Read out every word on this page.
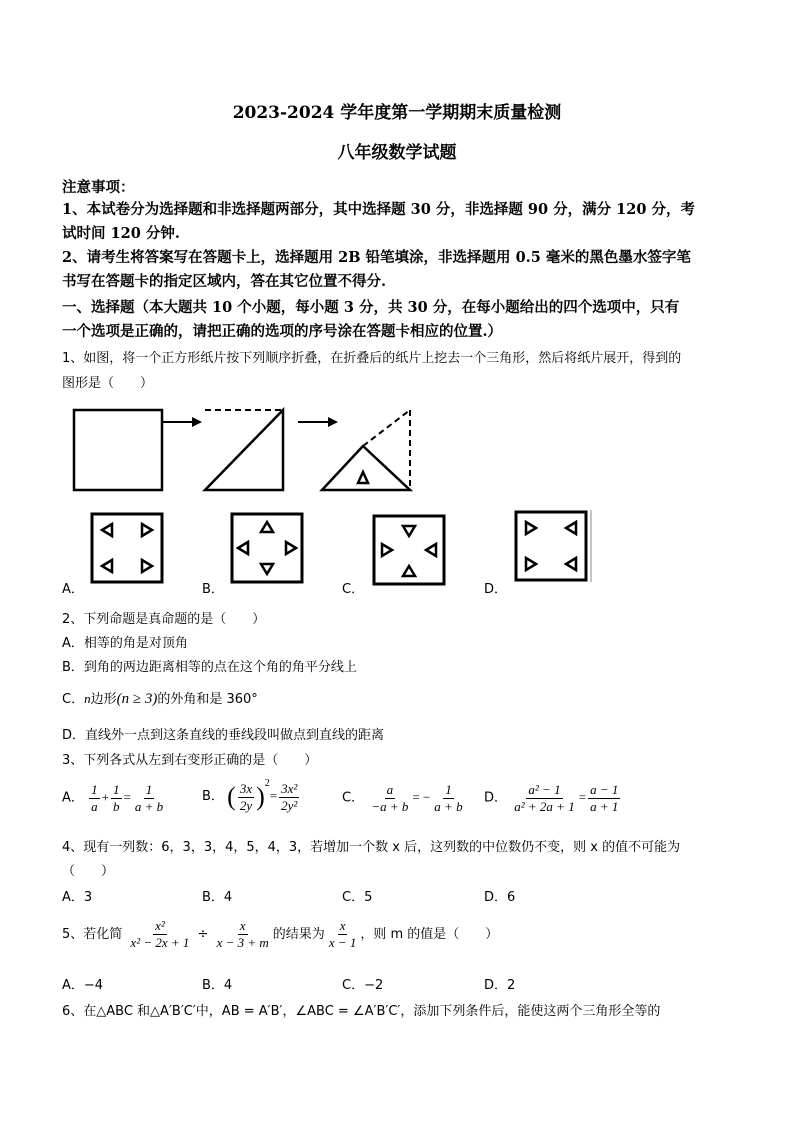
2023-2024 学年度第一学期期末质量检测
八年级数学试题
注意事项：
1、本试卷分为选择题和非选择题两部分，其中选择题 30 分，非选择题 90 分，满分 120 分，考
试时间 120 分钟.
2、请考生将答案写在答题卡上，选择题用 2B 铅笔填涂，非选择题用 0.5 毫米的黑色墨水签字笔
书写在答题卡的指定区域内，答在其它位置不得分.
一、选择题（本大题共 10 个小题，每小题 3 分，共 30 分，在每小题给出的四个选项中，只有
一个选项是正确的，请把正确的选项的序号涂在答题卡相应的位置.）
1、如图，将一个正方形纸片按下列顺序折叠，在折叠后的纸片上挖去一个三角形，然后将纸片展开，得到的
图形是（　　）
A．	B．	C．	D．
2、下列命题是真命题的是（　　）
A．相等的角是对顶角
B．到角的两边距离相等的点在这个角的角平分线上
C．n边形(n ≥ 3)的外角和是 360°
D．直线外一点到这条直线的垂线段叫做点到直线的距离
3、下列各式从左到右变形正确的是（　　）
A． $\frac{1}{a} + \frac{1}{b} = \frac{1}{a + b}$	B． ( $\frac{3x}{2y} )^2= \frac{\text{3x²}}{\text{2y²}}$	C． $\frac{a}{-a + b}$ = − $\frac{1}{a + b}$ D． $\frac{\text{a² − 1}}{\text{a² + 2a + 1}} = \frac{a - 1}{a + 1}$
4、现有一列数：6，3，3，4，5，4，3，若增加一个数 x 后，这列数的中位数仍不变，则 x 的值不可能为
（　　）
A．3	B．4	C．5	D．6
5、若化简 $\frac{\text{x²}}{\text{x² − 2x + 1}} \div \frac{x}{x - 3 + m}$ 的结果为 $\frac{x}{x - 1}$ ，则 m 的值是（　　）
A．−4	B．4	C．−2	D．2
6、在△ABC 和△A′B′C′中，AB = A′B′，∠ABC = ∠A′B′C′，添加下列条件后，能使这两个三角形全等的
